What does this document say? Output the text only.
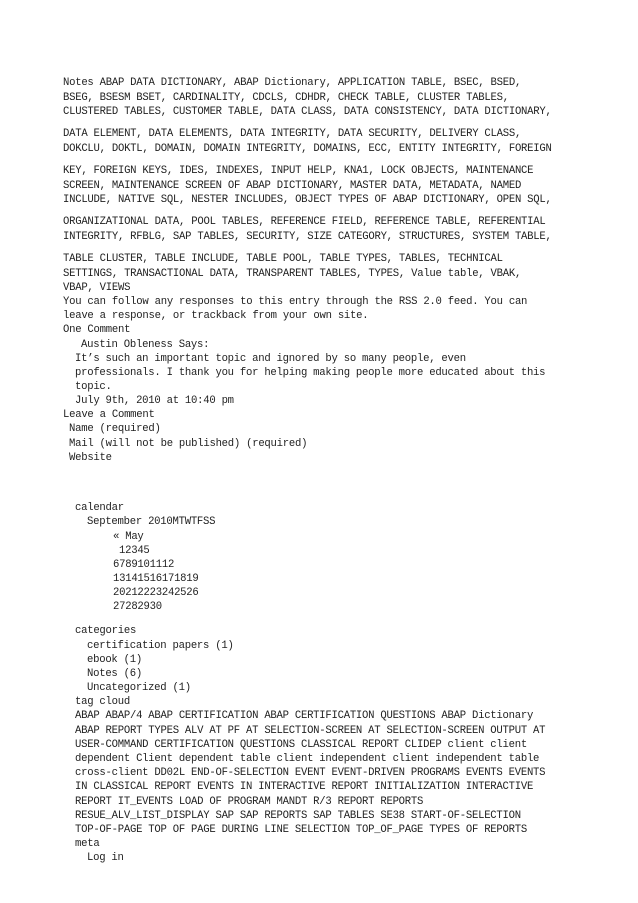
Notes ABAP DATA DICTIONARY, ABAP Dictionary, APPLICATION TABLE, BSEC, BSED,
BSEG, BSESM BSET, CARDINALITY, CDCLS, CDHDR, CHECK TABLE, CLUSTER TABLES,
CLUSTERED TABLES, CUSTOMER TABLE, DATA CLASS, DATA CONSISTENCY, DATA DICTIONARY,
DATA ELEMENT, DATA ELEMENTS, DATA INTEGRITY, DATA SECURITY, DELIVERY CLASS,
DOKCLU, DOKTL, DOMAIN, DOMAIN INTEGRITY, DOMAINS, ECC, ENTITY INTEGRITY, FOREIGN
KEY, FOREIGN KEYS, IDES, INDEXES, INPUT HELP, KNA1, LOCK OBJECTS, MAINTENANCE
SCREEN, MAINTENANCE SCREEN OF ABAP DICTIONARY, MASTER DATA, METADATA, NAMED
INCLUDE, NATIVE SQL, NESTER INCLUDES, OBJECT TYPES OF ABAP DICTIONARY, OPEN SQL,
ORGANIZATIONAL DATA, POOL TABLES, REFERENCE FIELD, REFERENCE TABLE, REFERENTIAL
INTEGRITY, RFBLG, SAP TABLES, SECURITY, SIZE CATEGORY, STRUCTURES, SYSTEM TABLE,
TABLE CLUSTER, TABLE INCLUDE, TABLE POOL, TABLE TYPES, TABLES, TECHNICAL
SETTINGS, TRANSACTIONAL DATA, TRANSPARENT TABLES, TYPES, Value table, VBAK,
VBAP, VIEWS
You can follow any responses to this entry through the RSS 2.0 feed. You can
leave a response, or trackback from your own site.
One Comment
Austin Obleness Says:
It’s such an important topic and ignored by so many people, even
professionals. I thank you for helping making people more educated about this
topic.
July 9th, 2010 at 10:40 pm
Leave a Comment
Name (required)
Mail (will not be published) (required)
Website
calendar
September 2010MTWTFSS
« May
12345
6789101112
13141516171819
20212223242526
27282930
categories
certification papers (1)
ebook (1)
Notes (6)
Uncategorized (1)
tag cloud
ABAP ABAP/4 ABAP CERTIFICATION ABAP CERTIFICATION QUESTIONS ABAP Dictionary
ABAP REPORT TYPES ALV AT PF AT SELECTION-SCREEN AT SELECTION-SCREEN OUTPUT AT
USER-COMMAND CERTIFICATION QUESTIONS CLASSICAL REPORT CLIDEP client client
dependent Client dependent table client independent client independent table
cross-client DD02L END-OF-SELECTION EVENT EVENT-DRIVEN PROGRAMS EVENTS EVENTS
IN CLASSICAL REPORT EVENTS IN INTERACTIVE REPORT INITIALIZATION INTERACTIVE
REPORT IT_EVENTS LOAD OF PROGRAM MANDT R/3 REPORT REPORTS
RESUE_ALV_LIST_DISPLAY SAP SAP REPORTS SAP TABLES SE38 START-OF-SELECTION
TOP-OF-PAGE TOP OF PAGE DURING LINE SELECTION TOP_OF_PAGE TYPES OF REPORTS
meta
Log in
